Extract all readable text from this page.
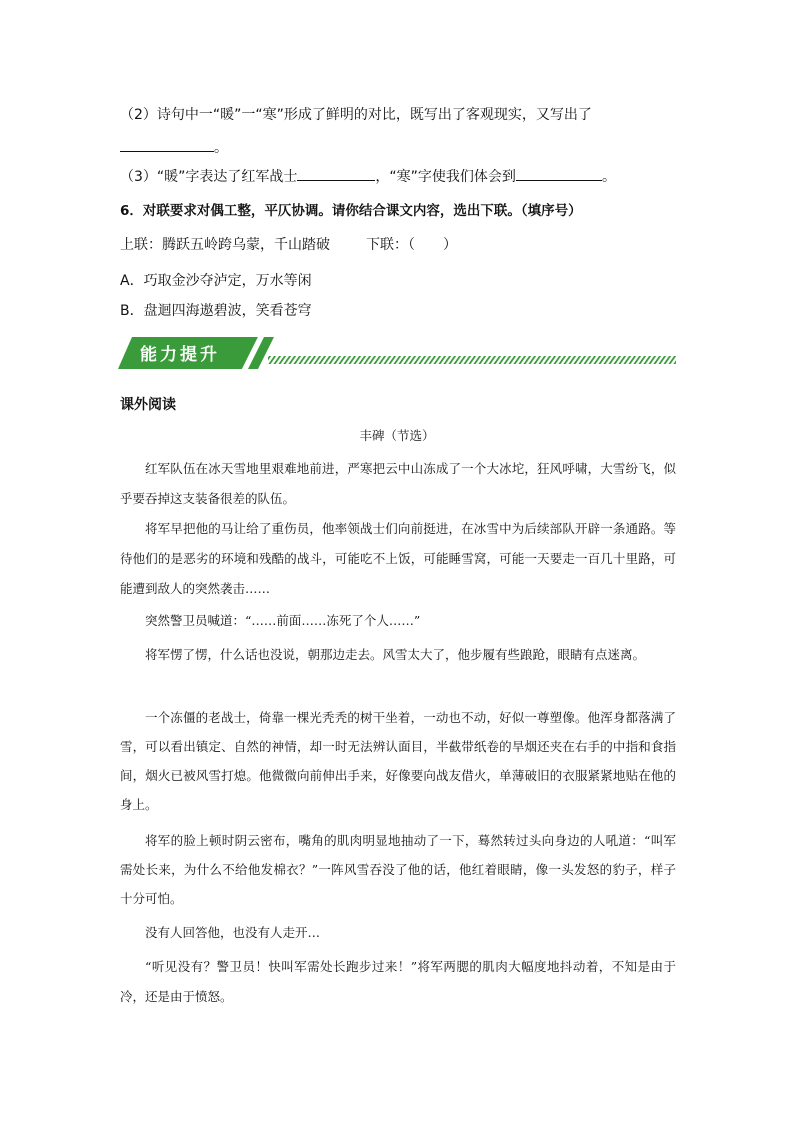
（2）诗句中一“暖”一“寒”形成了鲜明的对比，既写出了客观现实，又写出了
。
（3）“暖”字表达了红军战士	，“寒”字使我们体会到	。
6．对联要求对偶工整，平仄协调。请你结合课文内容，选出下联。（填序号）
上联：腾跃五岭跨乌蒙，千山踏破	下联：（　　）
A．巧取金沙夺泸定，万水等闲
B．盘迴四海遨碧波，笑看苍穹
能力提升
课外阅读
丰碑（节选）
红军队伍在冰天雪地里艰难地前进，严寒把云中山冻成了一个大冰坨，狂风呼啸，大雪纷飞，似乎要吞掉这支装备很差的队伍。
将军早把他的马让给了重伤员，他率领战士们向前挺进，在冰雪中为后续部队开辟一条通路。等待他们的是恶劣的环境和残酷的战斗，可能吃不上饭，可能睡雪窝，可能一天要走一百几十里路，可能遭到敌人的突然袭击……
突然警卫员喊道：“……前面……冻死了个人……”
将军愣了愣，什么话也没说，朝那边走去。风雪太大了，他步履有些踉跄，眼睛有点迷离。
一个冻僵的老战士，倚靠一棵光秃秃的树干坐着，一动也不动，好似一尊塑像。他浑身都落满了雪，可以看出镇定、自然的神情，却一时无法辨认面目，半截带纸卷的旱烟还夹在右手的中指和食指间，烟火已被风雪打熄。他微微向前伸出手来，好像要向战友借火，单薄破旧的衣服紧紧地贴在他的身上。
将军的脸上顿时阴云密布，嘴角的肌肉明显地抽动了一下，蓦然转过头向身边的人吼道：“叫军需处长来，为什么不给他发棉衣？”一阵风雪吞没了他的话，他红着眼睛，像一头发怒的豹子，样子十分可怕。
没有人回答他，也没有人走开…
“听见没有？警卫员！快叫军需处长跑步过来！”将军两腮的肌肉大幅度地抖动着，不知是由于冷，还是由于愤怒。
